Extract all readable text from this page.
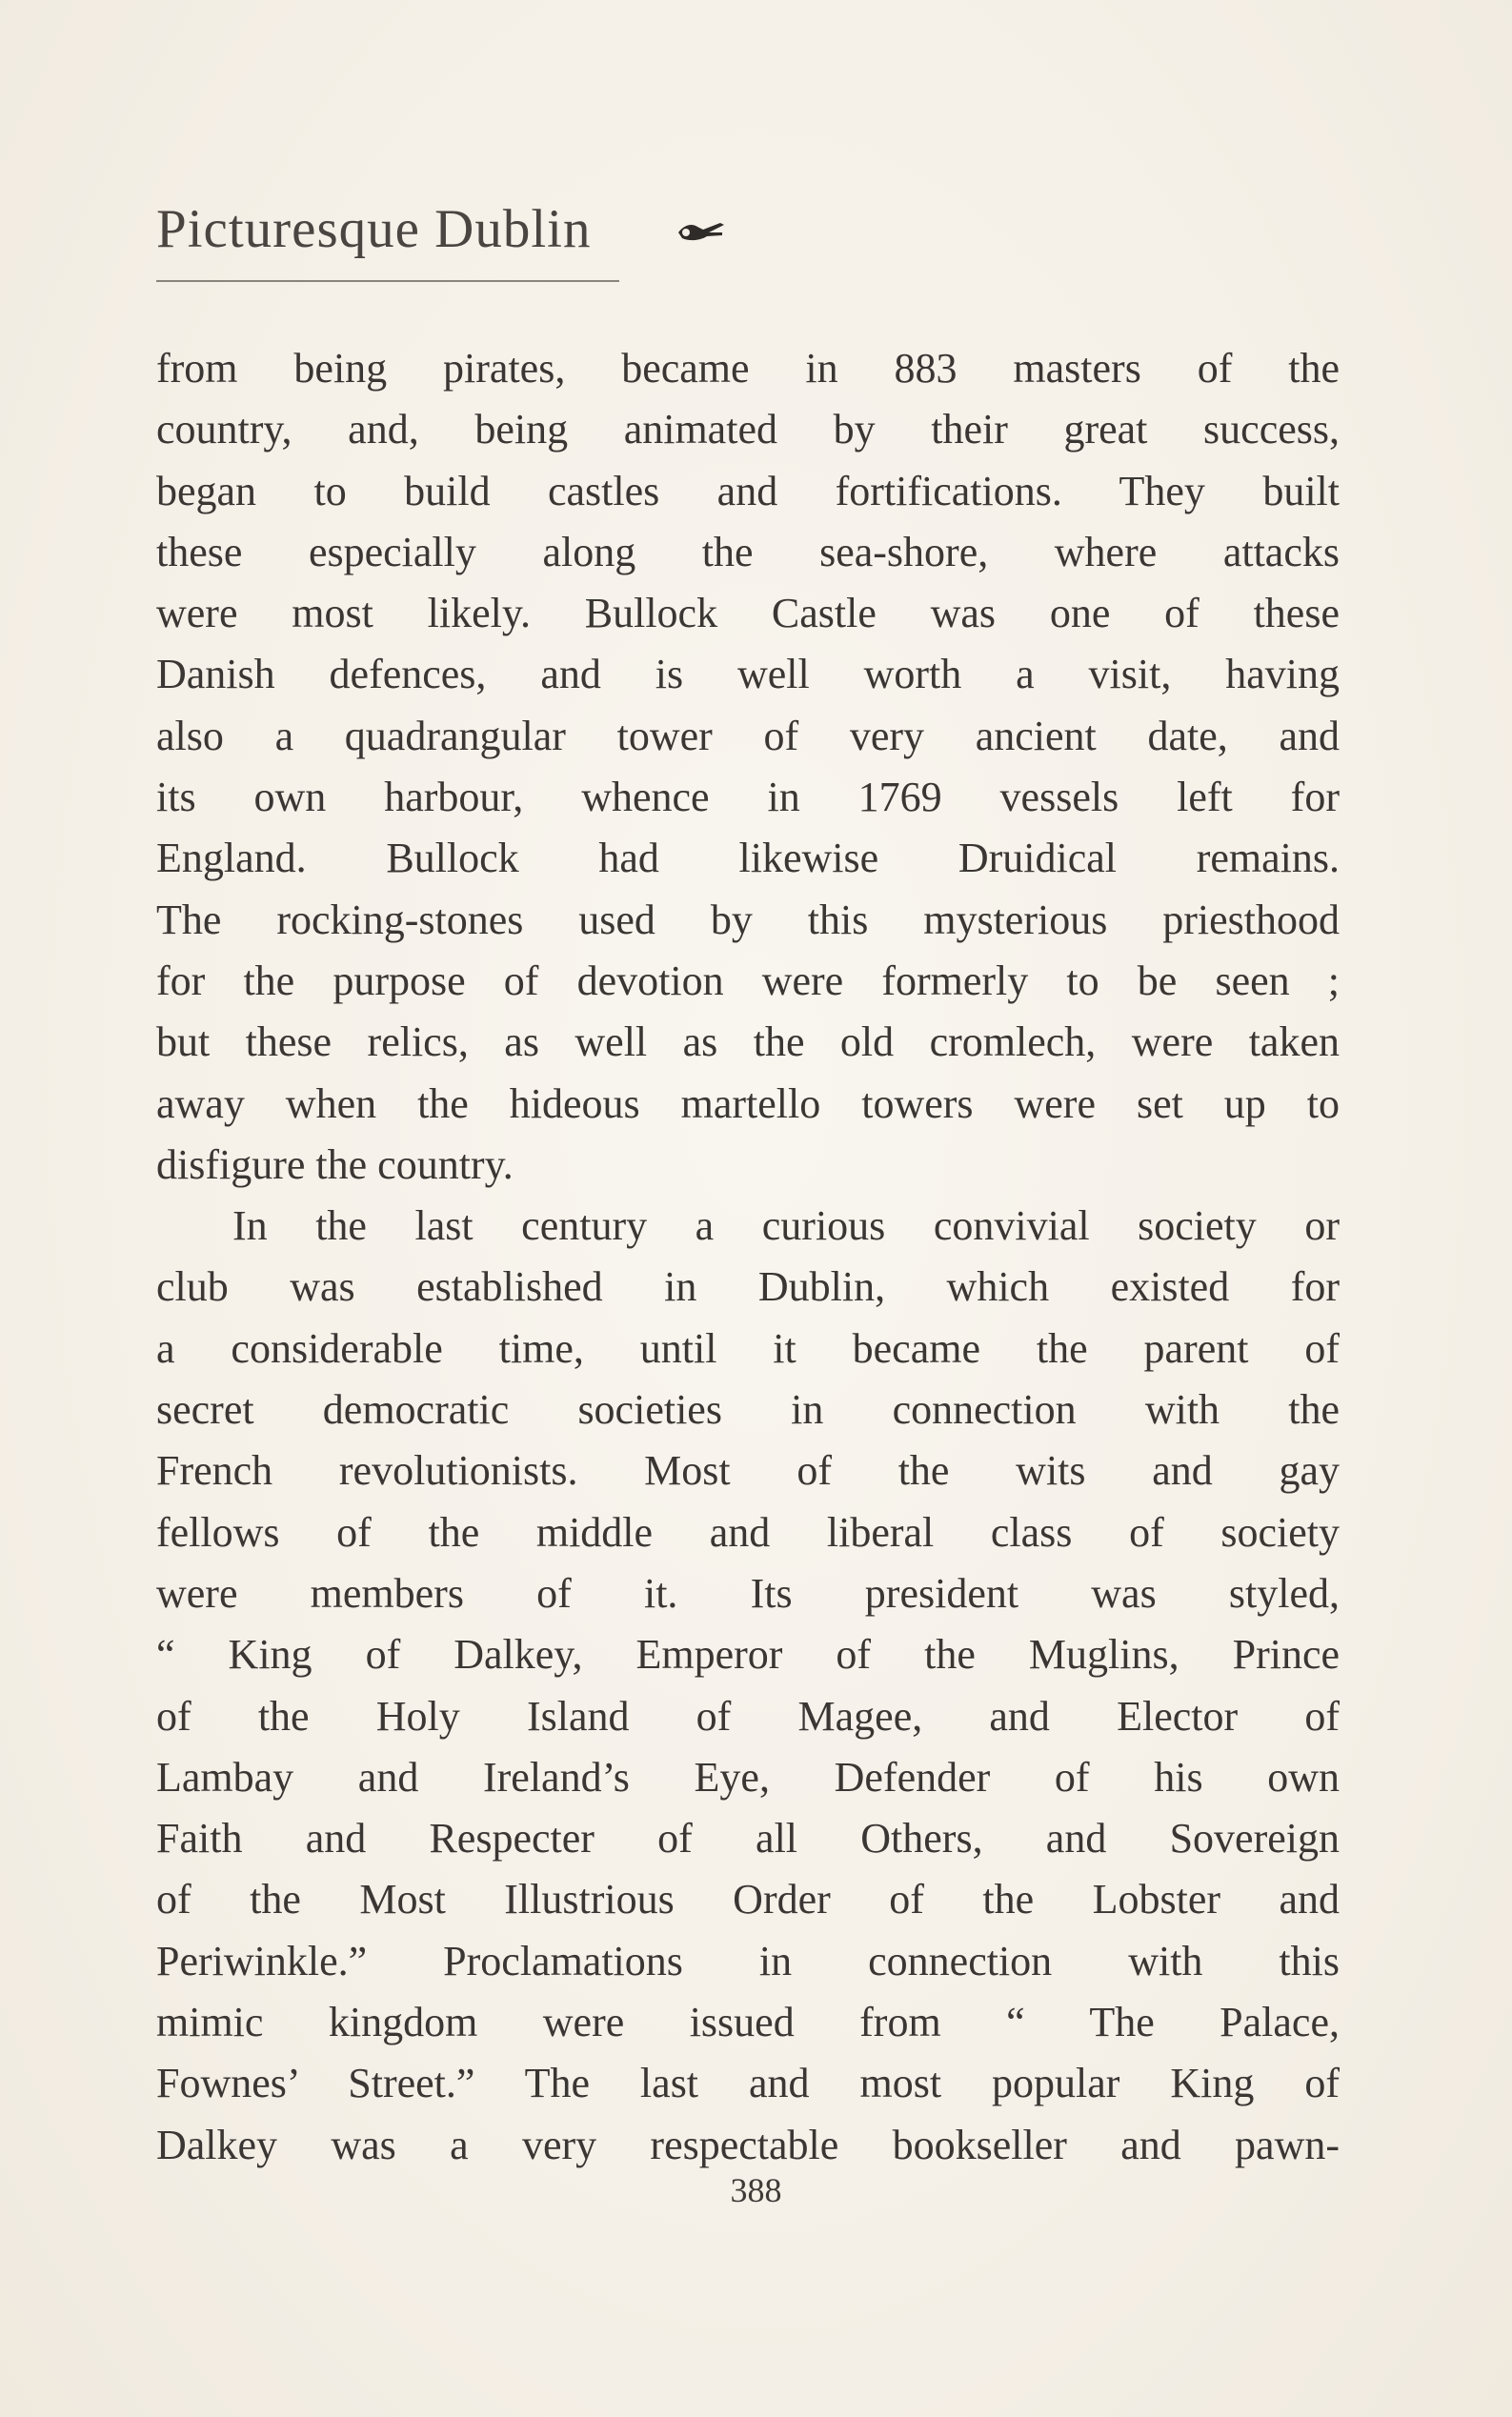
Picturesque Dublin
from being pirates, became in 883 masters of the
country, and, being animated by their great success,
began to build castles and fortifications. They built
these especially along the sea-shore, where attacks
were most likely. Bullock Castle was one of these
Danish defences, and is well worth a visit, having
also a quadrangular tower of very ancient date, and
its own harbour, whence in 1769 vessels left for
England. Bullock had likewise Druidical remains.
The rocking-stones used by this mysterious priesthood
for the purpose of devotion were formerly to be seen ;
but these relics, as well as the old cromlech, were taken
away when the hideous martello towers were set up to
disfigure the country.
In the last century a curious convivial society or
club was established in Dublin, which existed for
a considerable time, until it became the parent of
secret democratic societies in connection with the
French revolutionists. Most of the wits and gay
fellows of the middle and liberal class of society
were members of it. Its president was styled,
“ King of Dalkey, Emperor of the Muglins, Prince
of the Holy Island of Magee, and Elector of
Lambay and Ireland’s Eye, Defender of his own
Faith and Respecter of all Others, and Sovereign
of the Most Illustrious Order of the Lobster and
Periwinkle.” Proclamations in connection with this
mimic kingdom were issued from “ The Palace,
Fownes’ Street.” The last and most popular King of
Dalkey was a very respectable bookseller and pawn-
388
